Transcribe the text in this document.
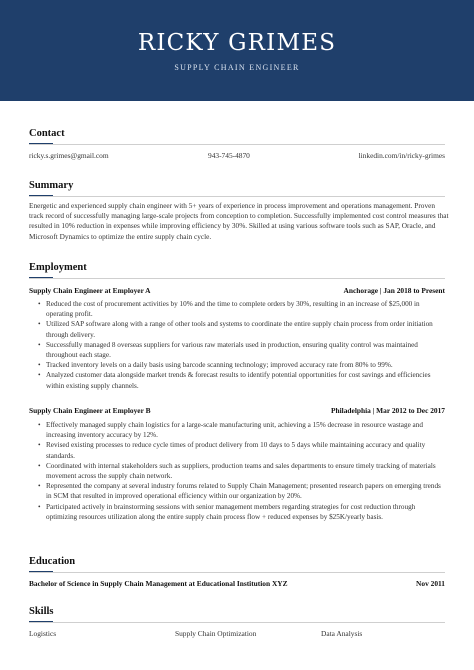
RICKY GRIMES
SUPPLY CHAIN ENGINEER
Contact
ricky.s.grimes@gmail.com	943-745-4870	linkedin.com/in/ricky-grimes
Summary
Energetic and experienced supply chain engineer with 5+ years of experience in process improvement and operations management. Proven track record of successfully managing large-scale projects from conception to completion. Successfully implemented cost control measures that resulted in 10% reduction in expenses while improving efficiency by 30%. Skilled at using various software tools such as SAP, Oracle, and Microsoft Dynamics to optimize the entire supply chain cycle.
Employment
Supply Chain Engineer at Employer A	Anchorage | Jan 2018 to Present
• Reduced the cost of procurement activities by 10% and the time to complete orders by 30%, resulting in an increase of $25,000 in operating profit.
• Utilized SAP software along with a range of other tools and systems to coordinate the entire supply chain process from order initiation through delivery.
• Successfully managed 8 overseas suppliers for various raw materials used in production, ensuring quality control was maintained throughout each stage.
• Tracked inventory levels on a daily basis using barcode scanning technology; improved accuracy rate from 80% to 99%.
• Analyzed customer data alongside market trends & forecast results to identify potential opportunities for cost savings and efficiencies within existing supply channels.
Supply Chain Engineer at Employer B	Philadelphia | Mar 2012 to Dec 2017
• Effectively managed supply chain logistics for a large-scale manufacturing unit, achieving a 15% decrease in resource wastage and increasing inventory accuracy by 12%.
• Revised existing processes to reduce cycle times of product delivery from 10 days to 5 days while maintaining accuracy and quality standards.
• Coordinated with internal stakeholders such as suppliers, production teams and sales departments to ensure timely tracking of materials movement across the supply chain network.
• Represented the company at several industry forums related to Supply Chain Management; presented research papers on emerging trends in SCM that resulted in improved operational efficiency within our organization by 20%.
• Participated actively in brainstorming sessions with senior management members regarding strategies for cost reduction through optimizing resources utilization along the entire supply chain process flow + reduced expenses by $25K/yearly basis.
Education
Bachelor of Science in Supply Chain Management at Educational Institution XYZ	Nov 2011
Skills
Logistics	Supply Chain Optimization	Data Analysis
